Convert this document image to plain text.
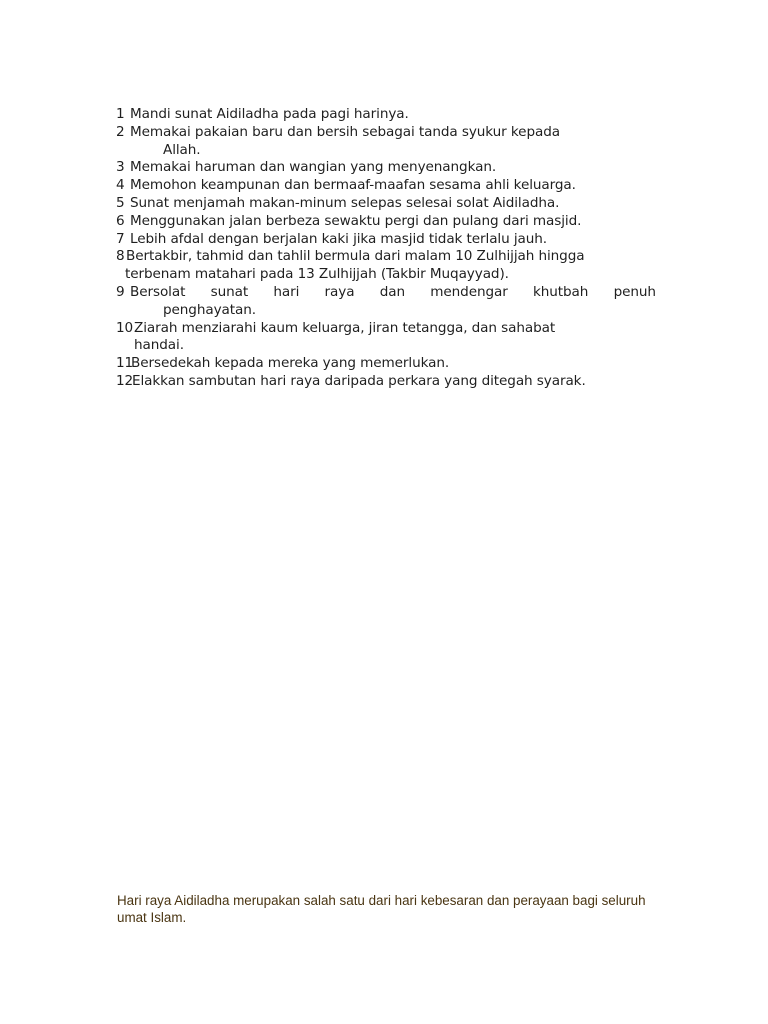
1 Mandi sunat Aidiladha pada pagi harinya.
2 Memakai pakaian baru dan bersih sebagai tanda syukur kepada
Allah.
3 Memakai haruman dan wangian yang menyenangkan.
4 Memohon keampunan dan bermaaf-maafan sesama ahli keluarga.
5 Sunat menjamah makan-minum selepas selesai solat Aidiladha.
6 Menggunakan jalan berbeza sewaktu pergi dan pulang dari masjid.
7 Lebih afdal dengan berjalan kaki jika masjid tidak terlalu jauh.
8Bertakbir, tahmid dan tahlil bermula dari malam 10 Zulhijjah hingga
terbenam matahari pada 13 Zulhijjah (Takbir Muqayyad).
9 Bersolat sunat hari raya dan mendengar khutbah penuh
penghayatan.
10Ziarah menziarahi kaum keluarga, jiran tetangga, dan sahabat
handai.
11Bersedekah kepada mereka yang memerlukan.
12Elakkan sambutan hari raya daripada perkara yang ditegah syarak.
Hari raya Aidiladha merupakan salah satu dari hari kebesaran dan perayaan bagi seluruh umat Islam.
